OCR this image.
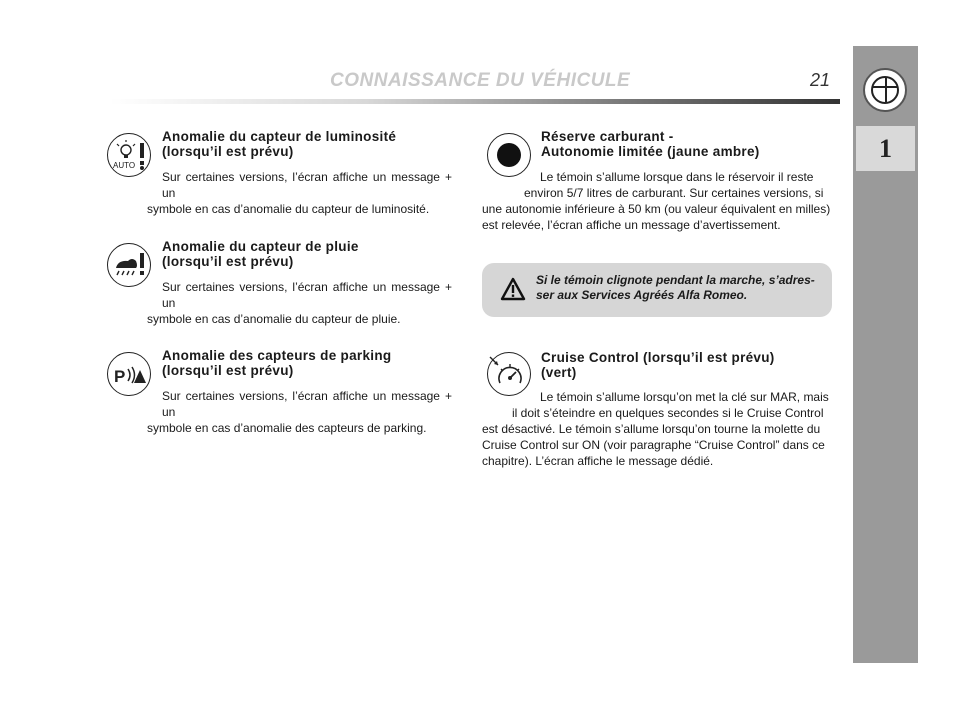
CONNAISSANCE DU VÉHICULE	21
1
AUTO
Anomalie du capteur de luminosité
(lorsqu’il est prévu)
Sur certaines versions, l’écran affiche un message + un
symbole en cas d’anomalie du capteur de luminosité.
Anomalie du capteur de pluie
(lorsqu’il est prévu)
Sur certaines versions, l’écran affiche un message + un
symbole en cas d’anomalie du capteur de pluie.
P
Anomalie des capteurs de parking
(lorsqu’il est prévu)
Sur certaines versions, l’écran affiche un message + un
symbole en cas d’anomalie des capteurs de parking.
Réserve carburant -
Autonomie limitée (jaune ambre)
Le témoin s’allume lorsque dans le réservoir il reste
environ 5/7 litres de carburant. Sur certaines versions, si
une autonomie inférieure à 50 km (ou valeur équivalent en milles)
est relevée, l’écran affiche un message d’avertissement.
Si le témoin clignote pendant la marche, s’adres-
ser aux Services Agréés Alfa Romeo.
Cruise Control (lorsqu’il est prévu)
(vert)
Le témoin s’allume lorsqu’on met la clé sur MAR, mais
il doit s’éteindre en quelques secondes si le Cruise Control
est désactivé. Le témoin s’allume lorsqu’on tourne la molette du
Cruise Control sur ON (voir paragraphe “Cruise Control” dans ce
chapitre). L’écran affiche le message dédié.
